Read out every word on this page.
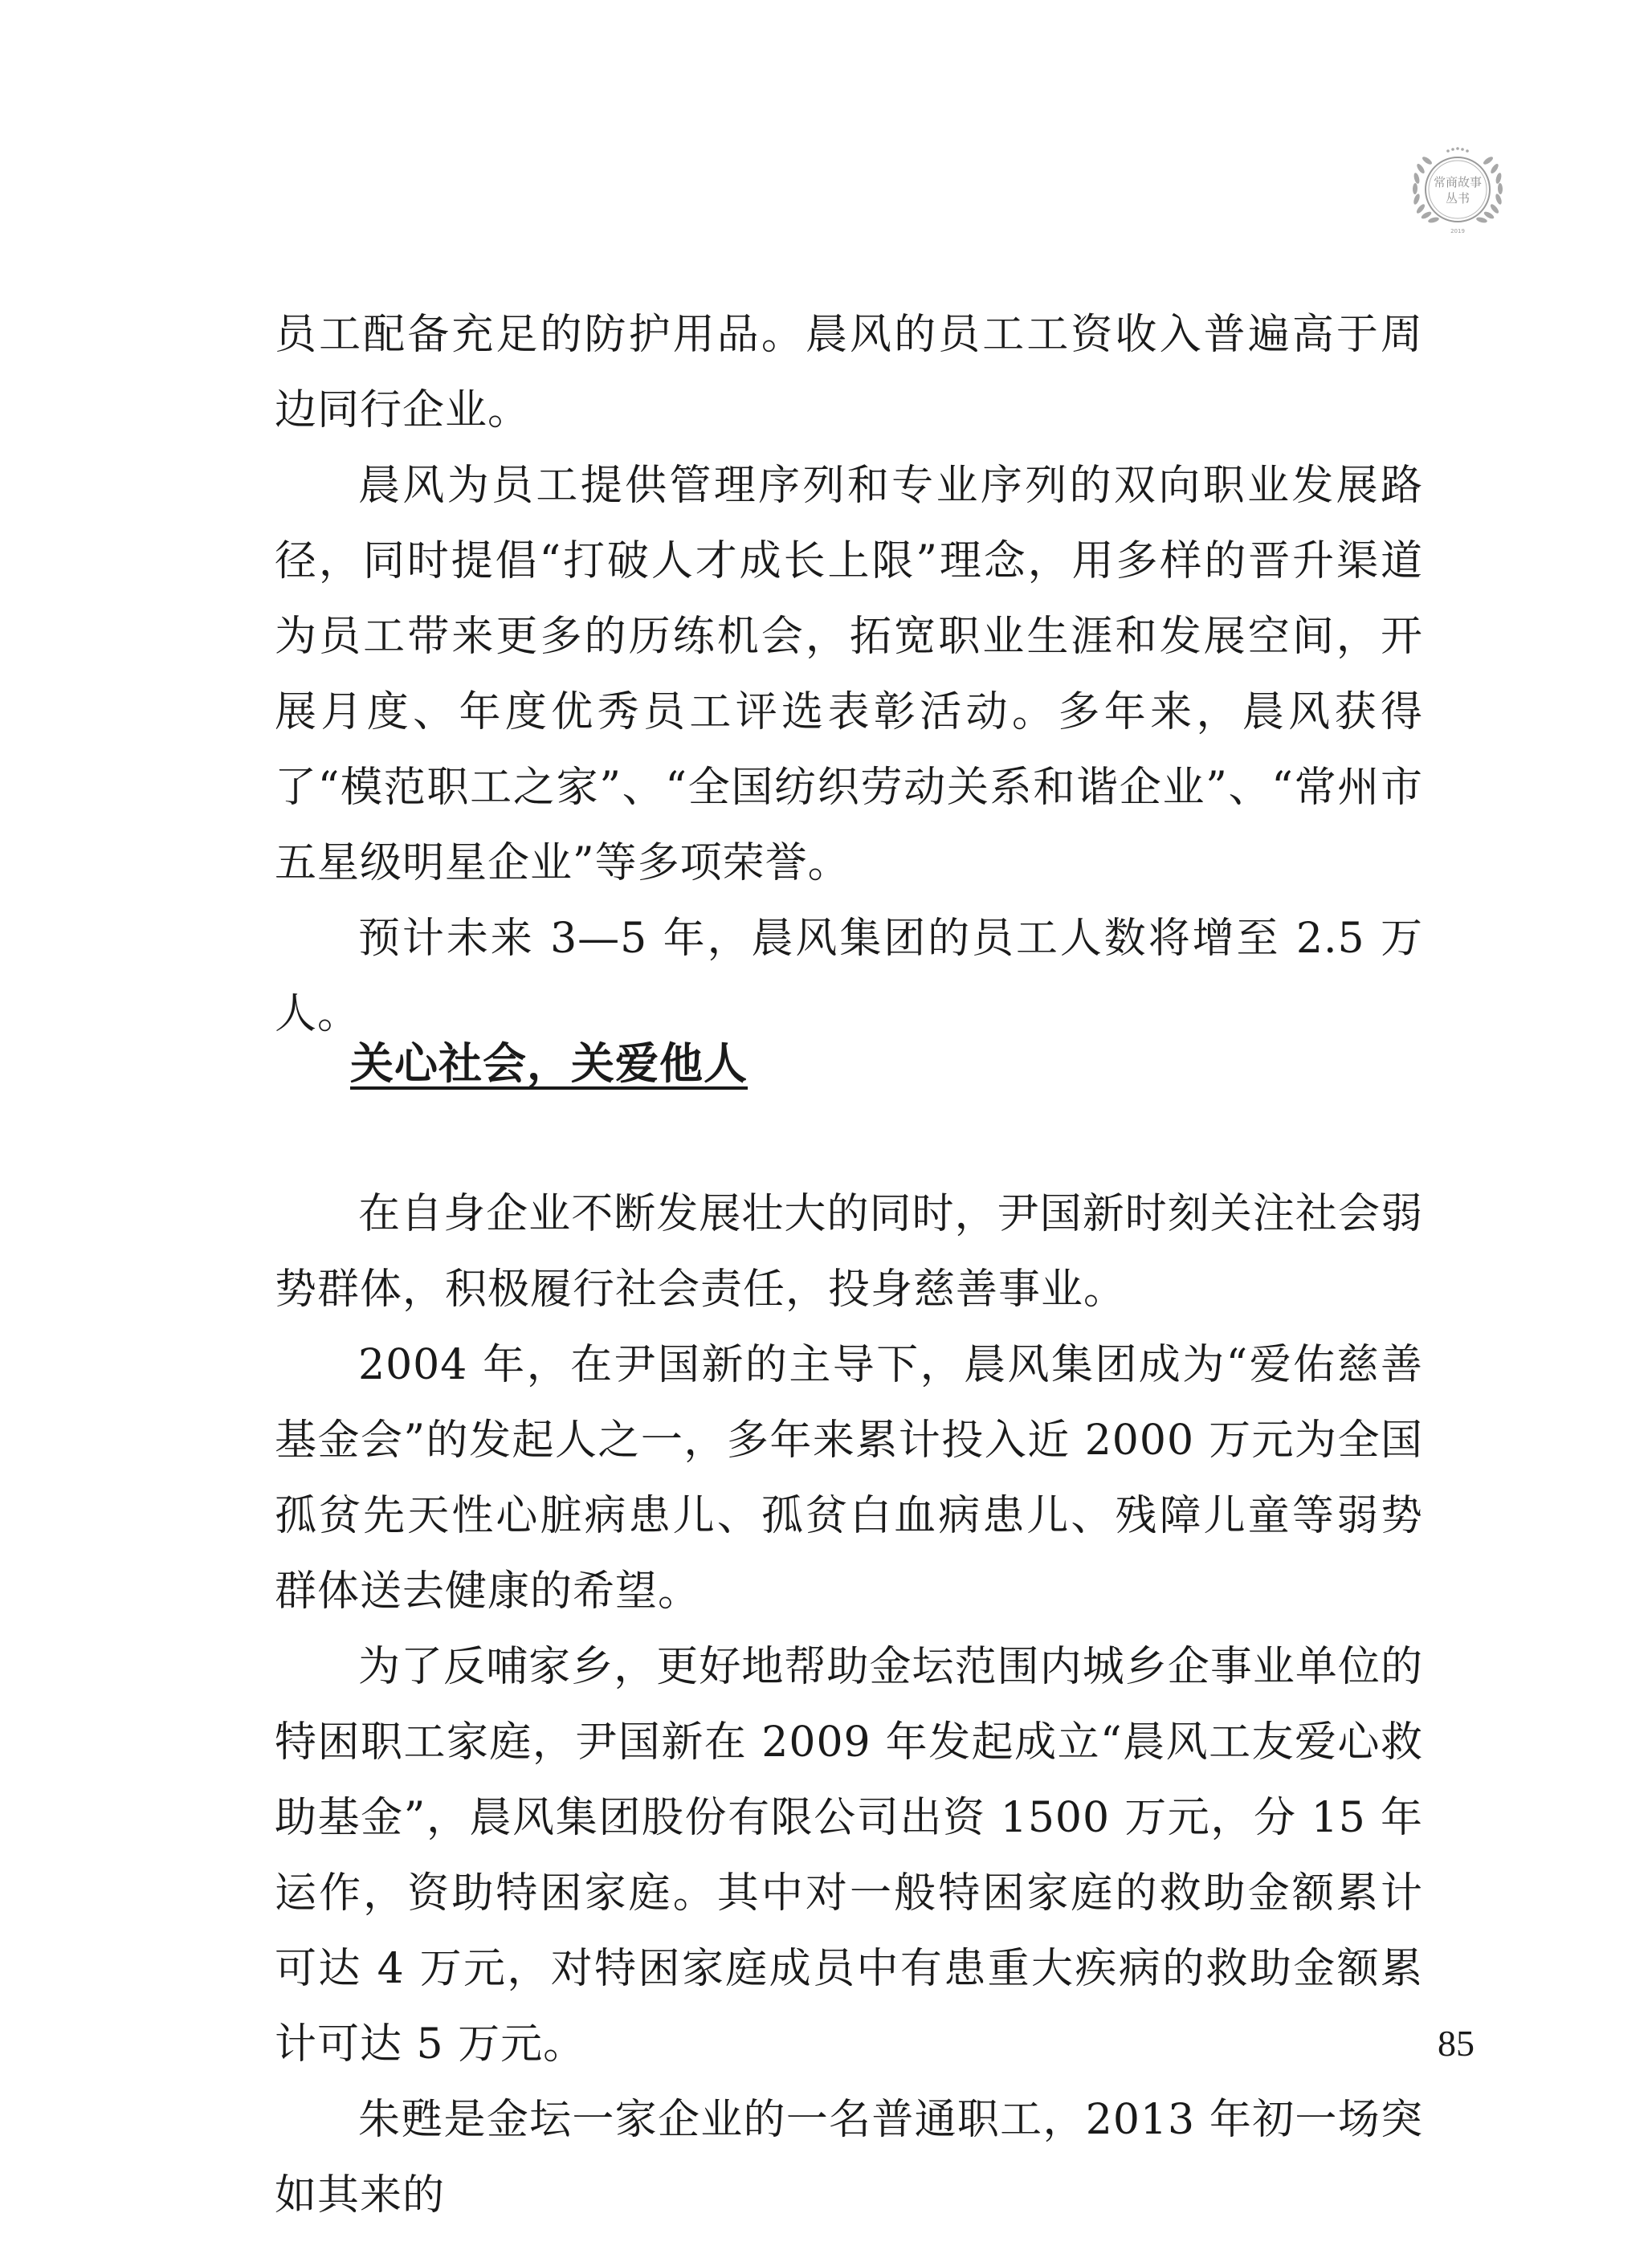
常商故事
丛书
2019

员工配备充足的防护用品。晨风的员工工资收入普遍高于周边同行企业。

晨风为员工提供管理序列和专业序列的双向职业发展路径，同时提倡“打破人才成长上限”理念，用多样的晋升渠道为员工带来更多的历练机会，拓宽职业生涯和发展空间，开展月度、年度优秀员工评选表彰活动。多年来，晨风获得了“模范职工之家”、“全国纺织劳动关系和谐企业”、“常州市五星级明星企业”等多项荣誉。

预计未来 3—5 年，晨风集团的员工人数将增至 2.5 万人。

关心社会，关爱他人

在自身企业不断发展壮大的同时，尹国新时刻关注社会弱势群体，积极履行社会责任，投身慈善事业。

2004 年，在尹国新的主导下，晨风集团成为“爱佑慈善基金会”的发起人之一，多年来累计投入近 2000 万元为全国孤贫先天性心脏病患儿、孤贫白血病患儿、残障儿童等弱势群体送去健康的希望。

为了反哺家乡，更好地帮助金坛范围内城乡企事业单位的特困职工家庭，尹国新在 2009 年发起成立“晨风工友爱心救助基金”，晨风集团股份有限公司出资 1500 万元，分 15 年运作，资助特困家庭。其中对一般特困家庭的救助金额累计可达 4 万元，对特困家庭成员中有患重大疾病的救助金额累计可达 5 万元。

朱甦是金坛一家企业的一名普通职工，2013 年初一场突如其来的

85
